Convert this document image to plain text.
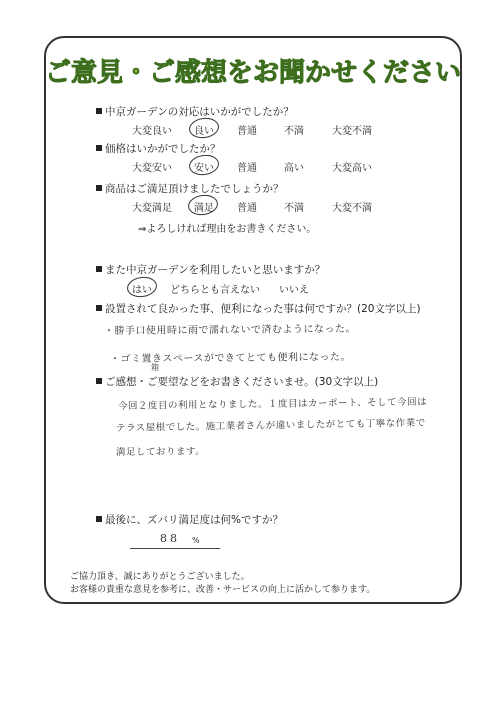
ご意見・ご感想をお聞かせください
中京ガーデンの対応はいかがでしたか？
大変良い 良い 普通	不満	大変不満
価格はいかがでしたか？
大変安い 安い 普通	高い	大変高い
商品はご満足頂けましたでしょうか？
大変満足 満足 普通	不満	大変不満
⇒よろしければ理由をお書きください。
また中京ガーデンを利用したいと思いますか？
はい どちらとも言えない いいえ
設置されて良かった事、便利になった事は何ですか？(20文字以上)
・勝手口使用時に雨で濡れないで済むようになった。
・ゴミ置きスペースができてとても便利になった。
箱
ご感想・ご要望などをお書きくださいませ。(30文字以上)
今回２度目の利用となりました。１度目はカーポート、そして今回は
テラス屋根でした。施工業者さんが違いましたがとても丁寧な作業で
満足しております。
最後に、ズバリ満足度は何%ですか？
88 %
ご協力頂き、誠にありがとうございました。
お客様の貴重な意見を参考に、改善・サービスの向上に活かして参ります。
